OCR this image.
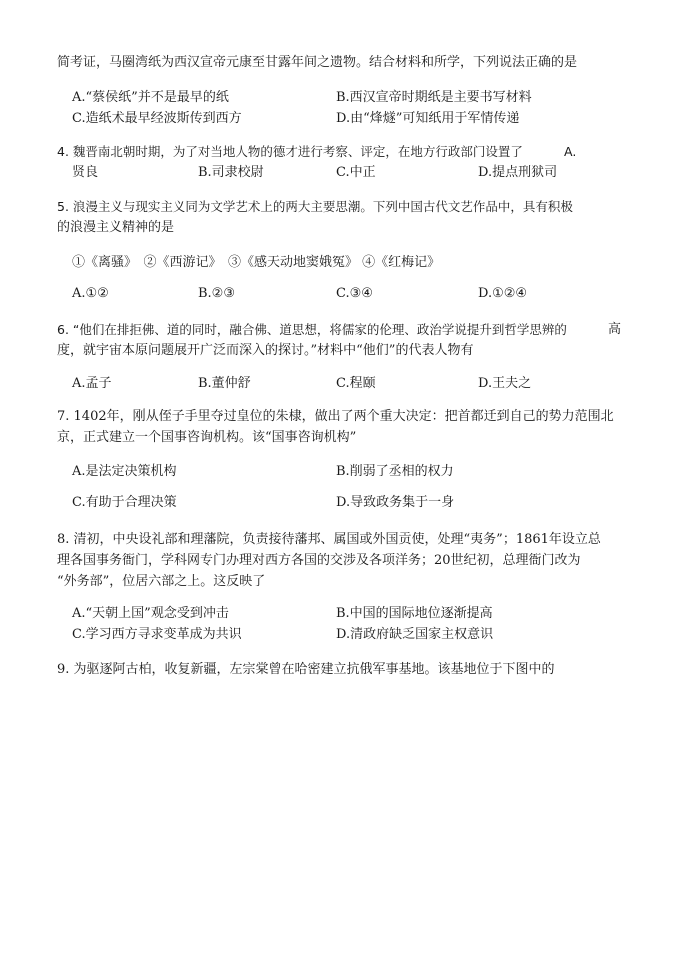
简考证，马圈湾纸为西汉宣帝元康至甘露年间之遗物。结合材料和所学，下列说法正确的是
A.“蔡侯纸”并不是最早的纸	B.西汉宣帝时期纸是主要书写材料
C.造纸术最早经波斯传到西方	D.由“烽燧”可知纸用于军情传递
4. 魏晋南北朝时期，为了对当地人物的德才进行考察、评定，在地方行政部门设置了	A.
贤良	B.司隶校尉	C.中正	D.提点刑狱司
5. 浪漫主义与现实主义同为文学艺术上的两大主要思潮。下列中国古代文艺作品中，具有积极
的浪漫主义精神的是
①《离骚》　②《西游记》　③《感天动地窦娥冤》 ④《红梅记》
A.①②	B.②③	C.③④	D.①②④
6. “他们在排拒佛、道的同时，融合佛、道思想，将儒家的伦理、政治学说提升到哲学思辨的	高
度，就宇宙本原问题展开广泛而深入的探讨。”材料中“他们”的代表人物有
A.孟子	B.董仲舒	C.程颐	D.王夫之
7. 1402年，刚从侄子手里夺过皇位的朱棣，做出了两个重大决定：把首都迁到自己的势力范围北
京，正式建立一个国事咨询机构。该“国事咨询机构”
A.是法定决策机构	B.削弱了丞相的权力
C.有助于合理决策	D.导致政务集于一身
8. 清初，中央设礼部和理藩院，负责接待藩邦、属国或外国贡使，处理“夷务”；1861年设立总
理各国事务衙门，学科网专门办理对西方各国的交涉及各项洋务；20世纪初，总理衙门改为
“外务部”，位居六部之上。这反映了
A.“天朝上国”观念受到冲击	B.中国的国际地位逐渐提高
C.学习西方寻求变革成为共识	D.清政府缺乏国家主权意识
9. 为驱逐阿古柏，收复新疆，左宗棠曾在哈密建立抗俄军事基地。该基地位于下图中的
